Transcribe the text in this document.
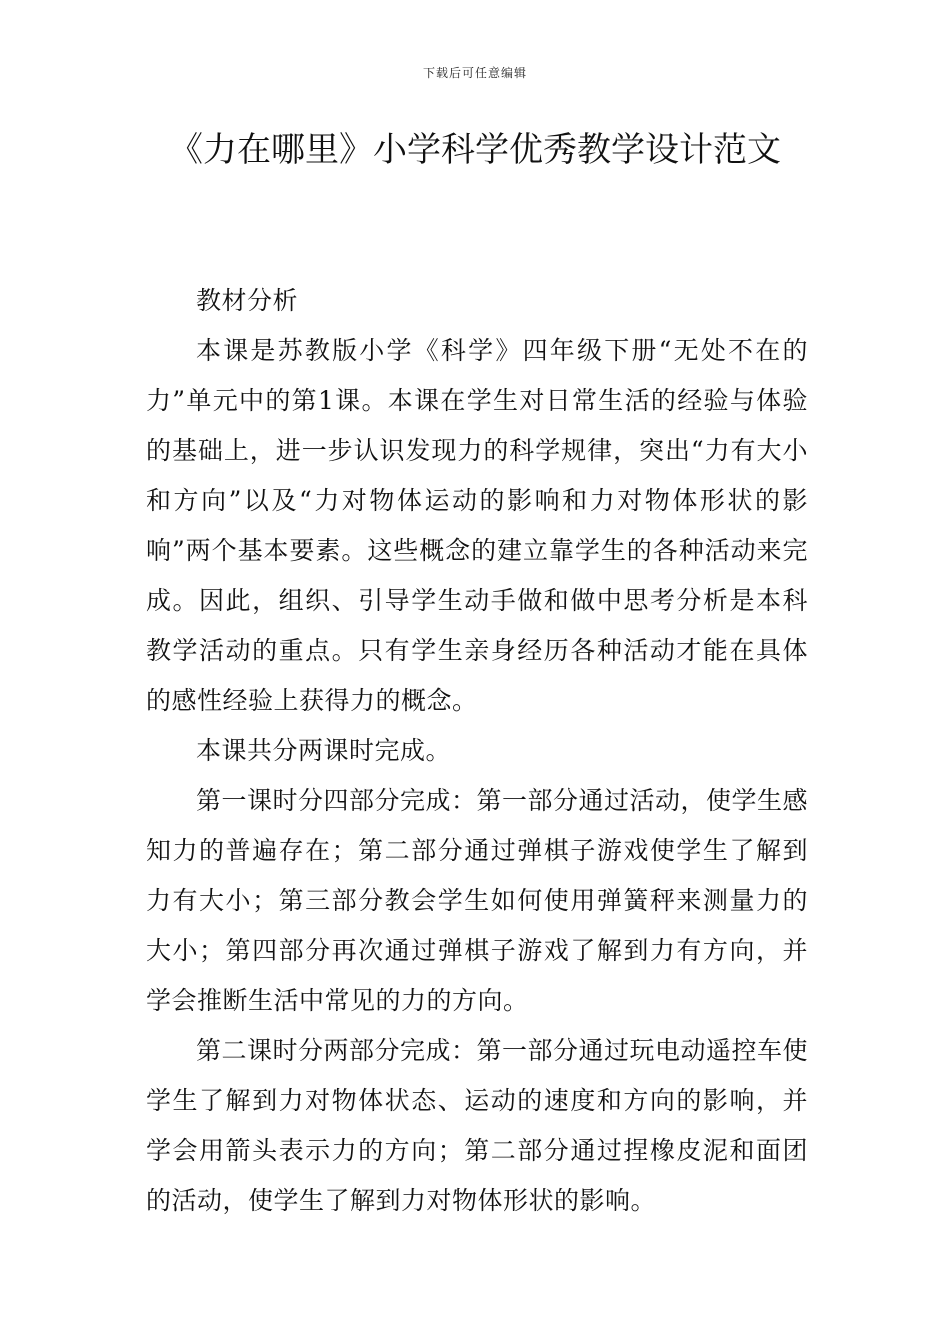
下载后可任意编辑
《力在哪里》小学科学优秀教学设计范文

教材分析

本课是苏教版小学《科学》四年级下册“无处不在的力”单元中的第1课。本课在学生对日常生活的经验与体验的基础上，进一步认识发现力的科学规律，突出“力有大小和方向”以及“力对物体运动的影响和力对物体形状的影响”两个基本要素。这些概念的建立靠学生的各种活动来完成。因此，组织、引导学生动手做和做中思考分析是本科教学活动的重点。只有学生亲身经历各种活动才能在具体的感性经验上获得力的概念。

本课共分两课时完成。

第一课时分四部分完成：第一部分通过活动，使学生感知力的普遍存在；第二部分通过弹棋子游戏使学生了解到力有大小；第三部分教会学生如何使用弹簧秤来测量力的大小；第四部分再次通过弹棋子游戏了解到力有方向，并学会推断生活中常见的力的方向。

第二课时分两部分完成：第一部分通过玩电动遥控车使学生了解到力对物体状态、运动的速度和方向的影响，并学会用箭头表示力的方向；第二部分通过捏橡皮泥和面团的活动，使学生了解到力对物体形状的影响。
